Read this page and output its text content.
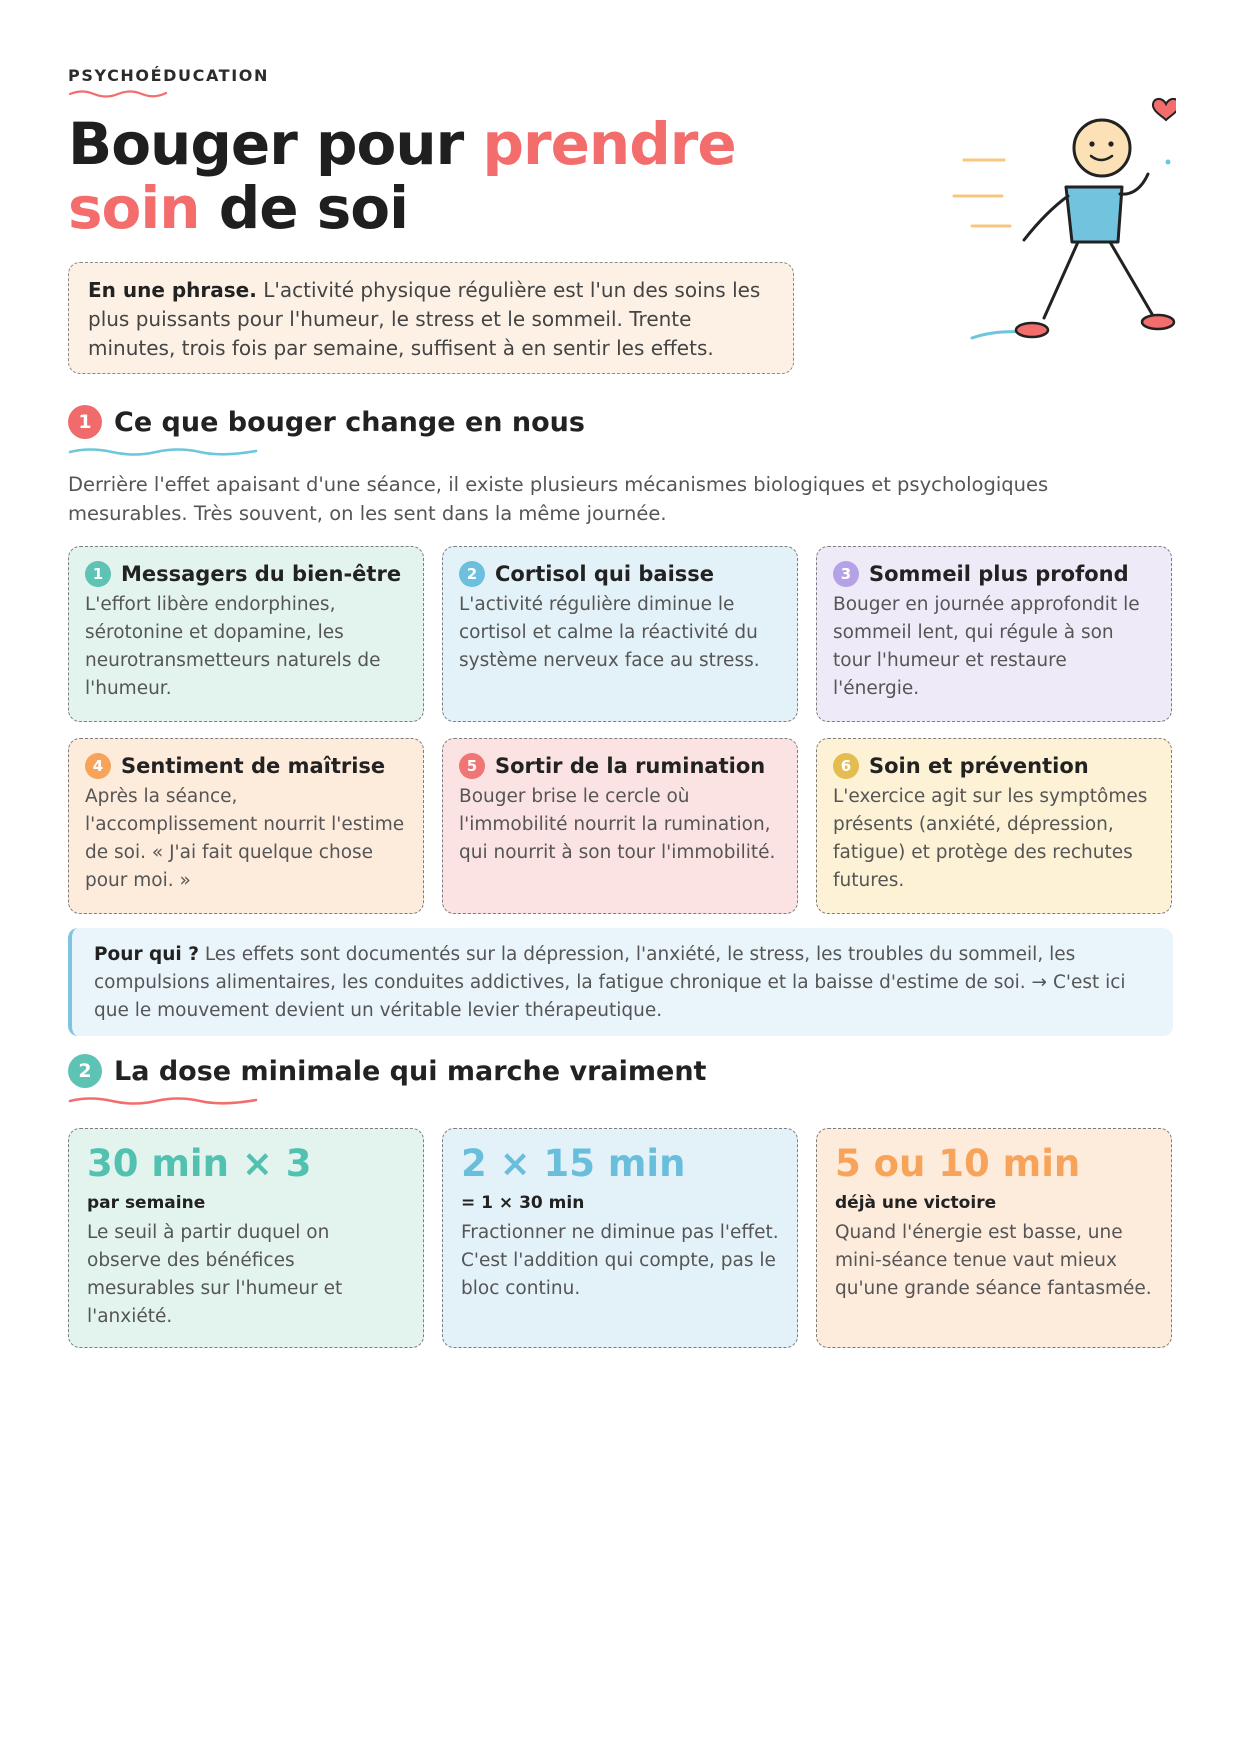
PSYCHOÉDUCATION
Bouger pour prendre soin de soi
En une phrase. L'activité physique régulière est l'un des soins les plus puissants pour l'humeur, le stress et le sommeil. Trente minutes, trois fois par semaine, suffisent à en sentir les effets.
1 Ce que bouger change en nous
Derrière l'effet apaisant d'une séance, il existe plusieurs mécanismes biologiques et psychologiques mesurables. Très souvent, on les sent dans la même journée.
1 Messagers du bien-être
L'effort libère endorphines, sérotonine et dopamine, les neurotransmetteurs naturels de l'humeur.
2 Cortisol qui baisse
L'activité régulière diminue le cortisol et calme la réactivité du système nerveux face au stress.
3 Sommeil plus profond
Bouger en journée approfondit le sommeil lent, qui régule à son tour l'humeur et restaure l'énergie.
4 Sentiment de maîtrise
Après la séance, l'accomplissement nourrit l'estime de soi. « J'ai fait quelque chose pour moi. »
5 Sortir de la rumination
Bouger brise le cercle où l'immobilité nourrit la rumination, qui nourrit à son tour l'immobilité.
6 Soin et prévention
L'exercice agit sur les symptômes présents (anxiété, dépression, fatigue) et protège des rechutes futures.
Pour qui ? Les effets sont documentés sur la dépression, l'anxiété, le stress, les troubles du sommeil, les compulsions alimentaires, les conduites addictives, la fatigue chronique et la baisse d'estime de soi. → C'est ici que le mouvement devient un véritable levier thérapeutique.
2 La dose minimale qui marche vraiment
30 min × 3
par semaine
Le seuil à partir duquel on observe des bénéfices mesurables sur l'humeur et l'anxiété.
2 × 15 min
= 1 × 30 min
Fractionner ne diminue pas l'effet. C'est l'addition qui compte, pas le bloc continu.
5 ou 10 min
déjà une victoire
Quand l'énergie est basse, une mini-séance tenue vaut mieux qu'une grande séance fantasmée.
